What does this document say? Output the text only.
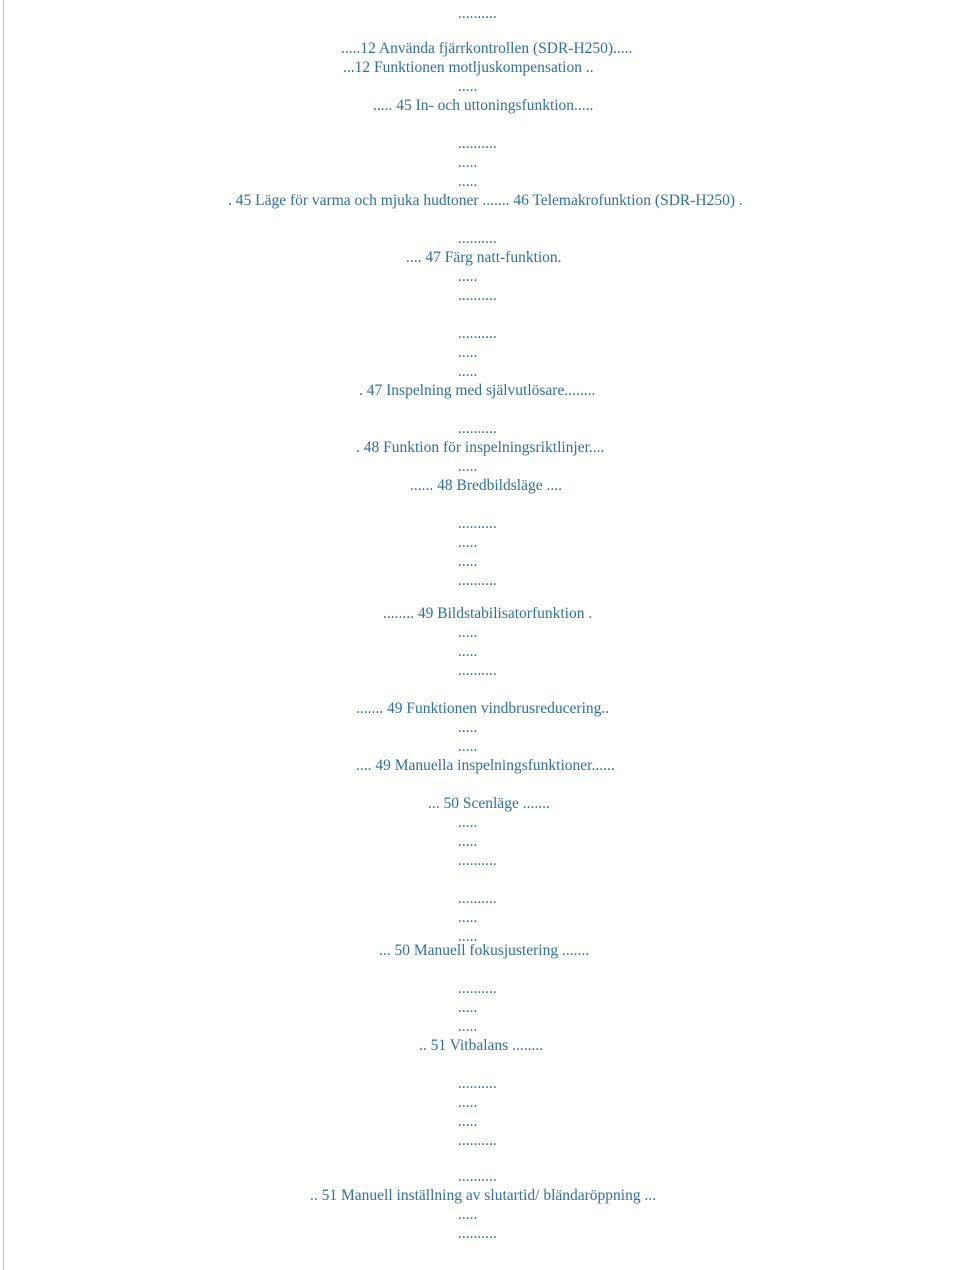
..........

.....12 Använda fjärrkontrollen (SDR-H250).....

...12 Funktionen motljuskompensation ..

.....

..... 45 In- och uttoningsfunktion.....

..........

.....

.....

. 45 Läge för varma och mjuka hudtoner ....... 46 Telemakrofunktion (SDR-H250) .

..........

.... 47 Färg natt-funktion.

.....

..........

..........

.....

.....

. 47 Inspelning med självutlösare........

..........

. 48 Funktion för inspelningsriktlinjer....

.....

...... 48 Bredbildsläge ....

..........

.....

.....

..........

........ 49 Bildstabilisatorfunktion .

.....

.....

..........

....... 49 Funktionen vindbrusreducering..

.....

.....

.... 49 Manuella inspelningsfunktioner......

... 50 Scenläge .......

.....

.....

..........

..........

.....

.....

... 50 Manuell fokusjustering .......

..........

.....

.....

.. 51 Vitbalans ........

..........

.....

.....

..........

..........

.. 51 Manuell inställning av slutartid/ bländaröppning ...

.....

..........
